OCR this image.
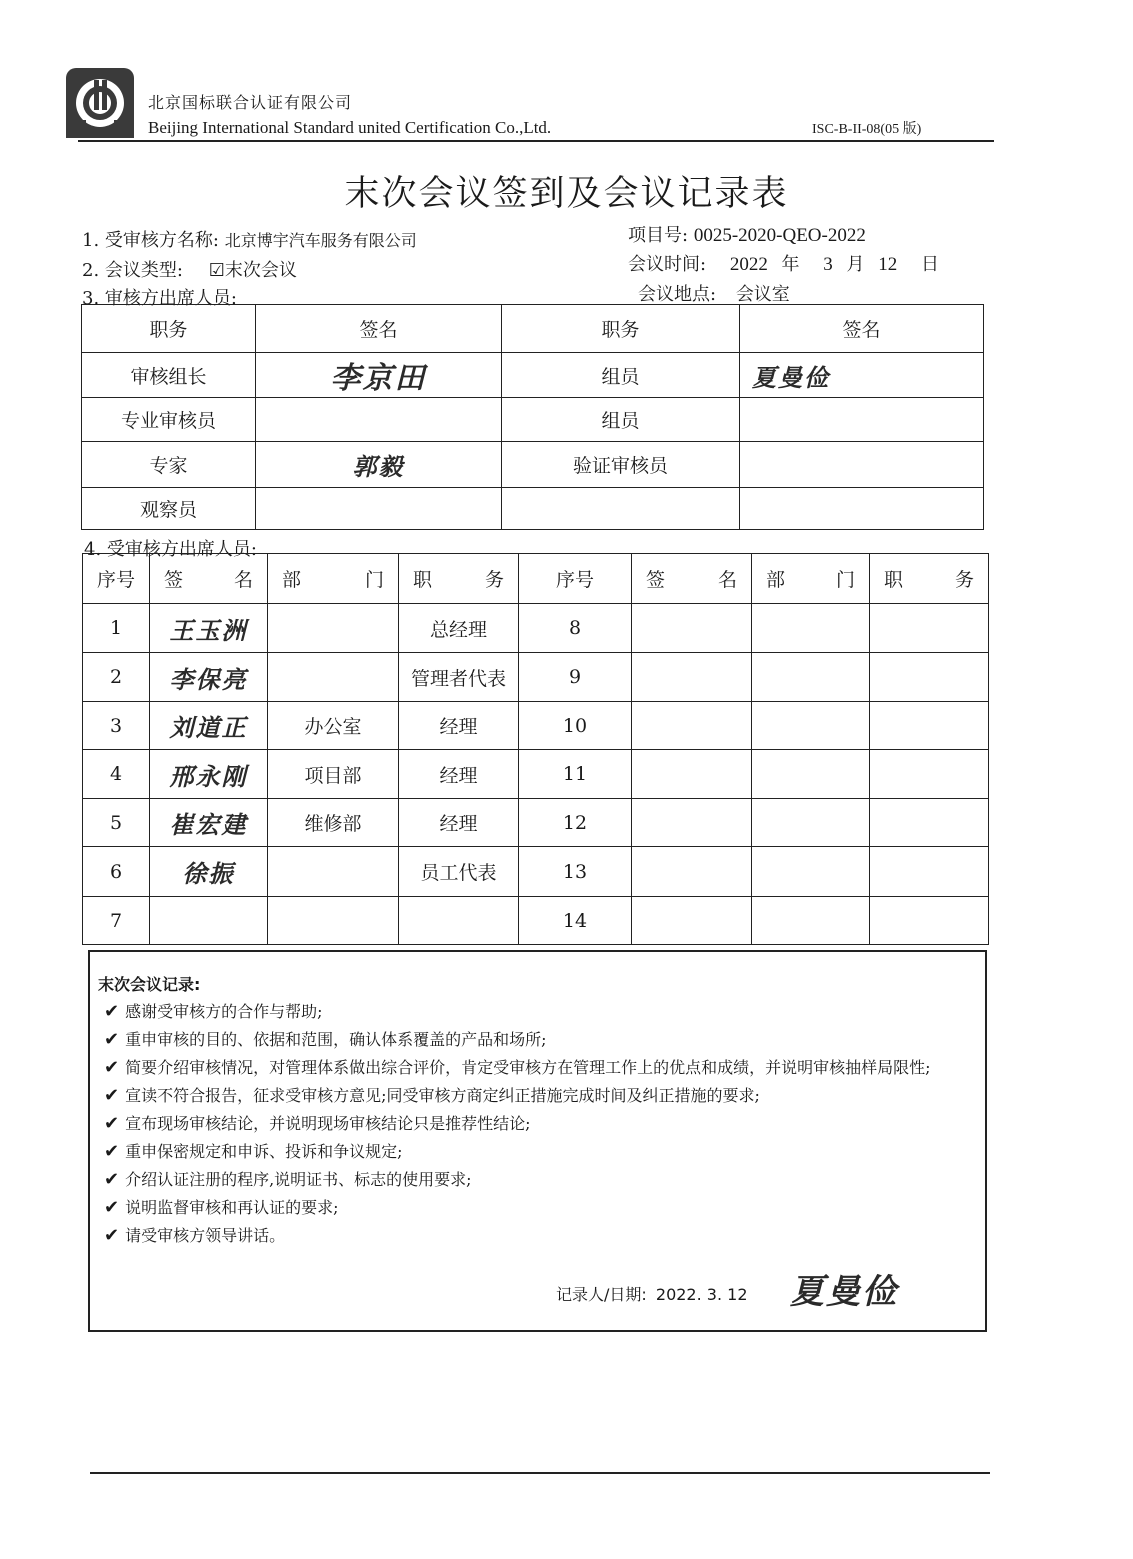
北京国标联合认证有限公司
Beijing International Standard united Certification Co.,Ltd.	ISC-B-II-08(05 版)
末次会议签到及会议记录表
1. 受审核方名称: 北京博宇汽车服务有限公司
2. 会议类型: ☑末次会议
3. 审核方出席人员:
项目号: 0025-2020-QEO-2022
会议时间: 2022 年 3 月 12 日
会议地点: 会议室
职务	签名	职务	签名
审核组长	李京田	组员	夏曼俭
专业审核员		组员	
专家	郭毅	验证审核员	
观察员			
4. 受审核方出席人员:
序号	签 名	部 门	职 务	序号	签 名	部 门	职 务

1	王玉洲		总经理	8			
2	李保亮		管理者代表	9			
3	刘道正	办公室	经理	10			
4	邢永刚	项目部	经理	11			
5	崔宏建	维修部	经理	12			
6	徐振		员工代表	13			
7				14			
末次会议记录:
✔ 感谢受审核方的合作与帮助;
✔ 重申审核的目的、依据和范围，确认体系覆盖的产品和场所;
✔ 简要介绍审核情况，对管理体系做出综合评价，肯定受审核方在管理工作上的优点和成绩，并说明审核抽样局限性;
✔ 宣读不符合报告，征求受审核方意见;同受审核方商定纠正措施完成时间及纠正措施的要求;
✔ 宣布现场审核结论，并说明现场审核结论只是推荐性结论;
✔ 重申保密规定和申诉、投诉和争议规定;
✔ 介绍认证注册的程序,说明证书、标志的使用要求;
✔ 说明监督审核和再认证的要求;
✔ 请受审核方领导讲话。
记录人/日期: 2022. 3. 12 夏曼俭
